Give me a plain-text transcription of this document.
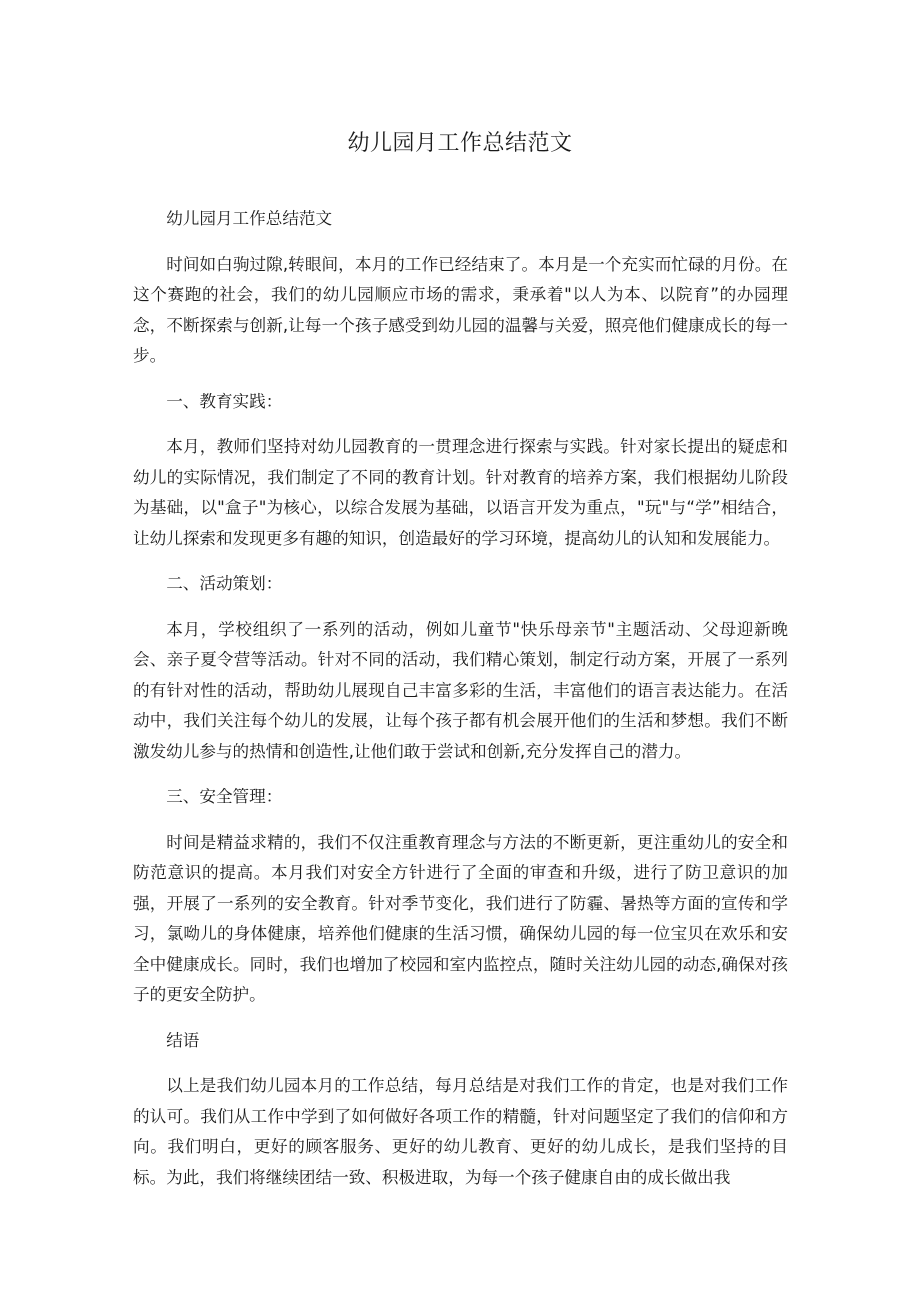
幼儿园月工作总结范文

幼儿园月工作总结范文

时间如白驹过隙,转眼间，本月的工作已经结束了。本月是一个充实而忙碌的月份。在这个赛跑的社会，我们的幼儿园顺应市场的需求，秉承着"以人为本、以院育”的办园理念，不断探索与创新,让每一个孩子感受到幼儿园的温馨与关爱，照亮他们健康成长的每一步。

一、教育实践：

本月，教师们坚持对幼儿园教育的一贯理念进行探索与实践。针对家长提出的疑虑和幼儿的实际情况，我们制定了不同的教育计划。针对教育的培养方案，我们根据幼儿阶段为基础，以"盒子"为核心，以综合发展为基础，以语言开发为重点，"玩"与“学”相结合，让幼儿探索和发现更多有趣的知识，创造最好的学习环境，提高幼儿的认知和发展能力。

二、活动策划：

本月，学校组织了一系列的活动，例如儿童节"快乐母亲节"主题活动、父母迎新晚会、亲子夏令营等活动。针对不同的活动，我们精心策划，制定行动方案，开展了一系列的有针对性的活动，帮助幼儿展现自己丰富多彩的生活，丰富他们的语言表达能力。在活动中，我们关注每个幼儿的发展，让每个孩子都有机会展开他们的生活和梦想。我们不断激发幼儿参与的热情和创造性,让他们敢于尝试和创新,充分发挥自己的潜力。

三、安全管理：

时间是精益求精的，我们不仅注重教育理念与方法的不断更新，更注重幼儿的安全和防范意识的提高。本月我们对安全方针进行了全面的审查和升级，进行了防卫意识的加强，开展了一系列的安全教育。针对季节变化，我们进行了防霾、暑热等方面的宣传和学习，氯呦儿的身体健康，培养他们健康的生活习惯，确保幼儿园的每一位宝贝在欢乐和安全中健康成长。同时，我们也增加了校园和室内监控点，随时关注幼儿园的动态,确保对孩子的更安全防护。

结语

以上是我们幼儿园本月的工作总结，每月总结是对我们工作的肯定，也是对我们工作的认可。我们从工作中学到了如何做好各项工作的精髓，针对问题坚定了我们的信仰和方向。我们明白，更好的顾客服务、更好的幼儿教育、更好的幼儿成长，是我们坚持的目标。为此，我们将继续团结一致、积极进取，为每一个孩子健康自由的成长做出我
